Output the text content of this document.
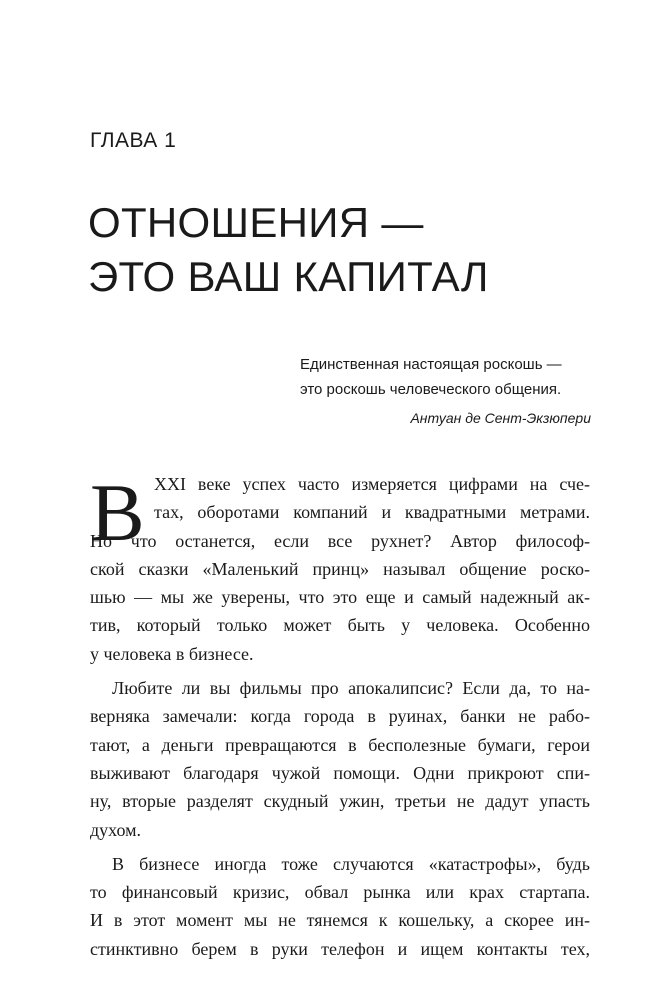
ГЛАВА 1
ОТНОШЕНИЯ —
ЭТО ВАШ КАПИТАЛ
Единственная настоящая роскошь —
это роскошь человеческого общения.
Антуан де Сент-Экзюпери
В XXI веке успех часто измеряется цифрами на сче-
тах, оборотами компаний и квадратными метрами.
Но что останется, если все рухнет? Автор философ-
ской сказки «Маленький принц» называл общение роско-
шью — мы же уверены, что это еще и самый надежный ак-
тив, который только может быть у человека. Особенно
у человека в бизнесе.
Любите ли вы фильмы про апокалипсис? Если да, то на-
верняка замечали: когда города в руинах, банки не рабо-
тают, а деньги превращаются в бесполезные бумаги, герои
выживают благодаря чужой помощи. Одни прикроют спи-
ну, вторые разделят скудный ужин, третьи не дадут упасть
духом.
В бизнесе иногда тоже случаются «катастрофы», будь
то финансовый кризис, обвал рынка или крах стартапа.
И в этот момент мы не тянемся к кошельку, а скорее ин-
стинктивно берем в руки телефон и ищем контакты тех,
